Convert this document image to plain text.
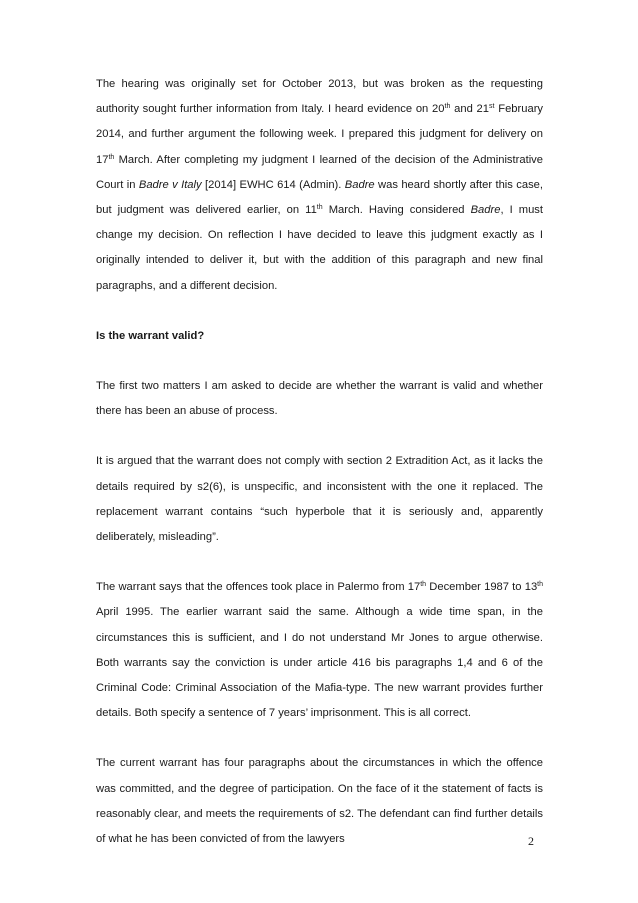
The hearing was originally set for October 2013, but was broken as the requesting authority sought further information from Italy. I heard evidence on 20th and 21st February 2014, and further argument the following week. I prepared this judgment for delivery on 17th March. After completing my judgment I learned of the decision of the Administrative Court in Badre v Italy [2014] EWHC 614 (Admin). Badre was heard shortly after this case, but judgment was delivered earlier, on 11th March. Having considered Badre, I must change my decision. On reflection I have decided to leave this judgment exactly as I originally intended to deliver it, but with the addition of this paragraph and new final paragraphs, and a different decision.

Is the warrant valid?

The first two matters I am asked to decide are whether the warrant is valid and whether there has been an abuse of process.

It is argued that the warrant does not comply with section 2 Extradition Act, as it lacks the details required by s2(6), is unspecific, and inconsistent with the one it replaced. The replacement warrant contains “such hyperbole that it is seriously and, apparently deliberately, misleading”.

The warrant says that the offences took place in Palermo from 17th December 1987 to 13th April 1995. The earlier warrant said the same. Although a wide time span, in the circumstances this is sufficient, and I do not understand Mr Jones to argue otherwise. Both warrants say the conviction is under article 416 bis paragraphs 1,4 and 6 of the Criminal Code: Criminal Association of the Mafia-type. The new warrant provides further details. Both specify a sentence of 7 years’ imprisonment. This is all correct.

The current warrant has four paragraphs about the circumstances in which the offence was committed, and the degree of participation. On the face of it the statement of facts is reasonably clear, and meets the requirements of s2. The defendant can find further details of what he has been convicted of from the lawyers	2
